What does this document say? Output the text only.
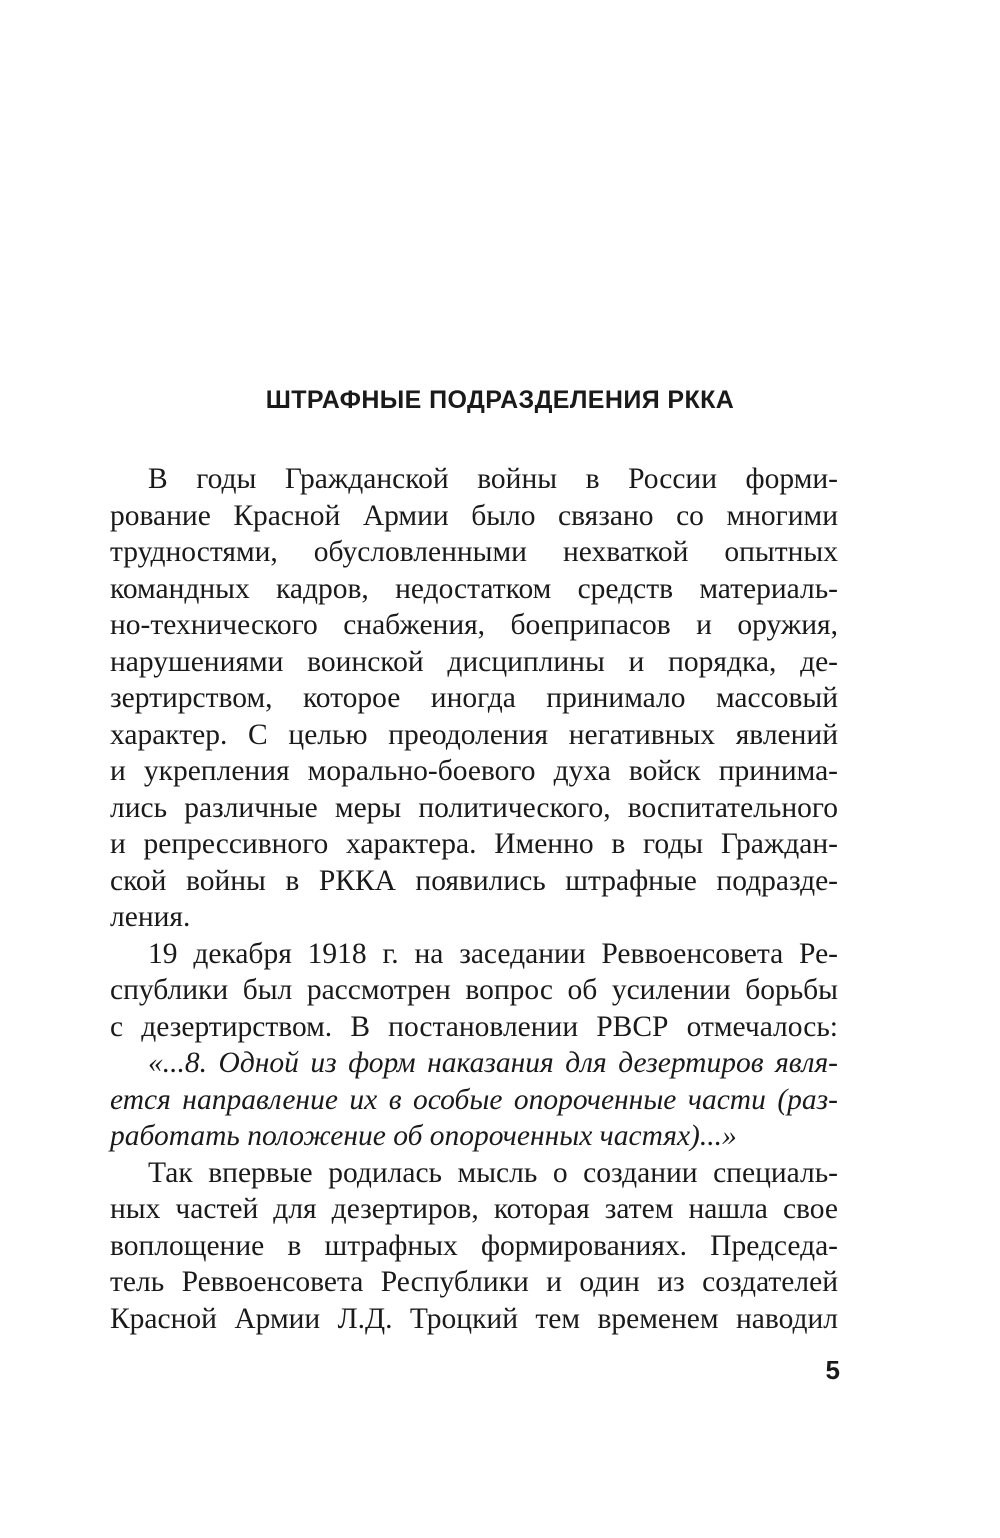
ШТРАФНЫЕ ПОДРАЗДЕЛЕНИЯ РККА
В годы Гражданской войны в России форми-
рование Красной Армии было связано со многими
трудностями, обусловленными нехваткой опытных
командных кадров, недостатком средств материаль-
но-технического снабжения, боеприпасов и оружия,
нарушениями воинской дисциплины и порядка, де-
зертирством, которое иногда принимало массовый
характер. С целью преодоления негативных явлений
и укрепления морально-боевого духа войск принима-
лись различные меры политического, воспитательного
и репрессивного характера. Именно в годы Граждан-
ской войны в РККА появились штрафные подразде-
ления.
19 декабря 1918 г. на заседании Реввоенсовета Ре-
спублики был рассмотрен вопрос об усилении борьбы
с дезертирством. В постановлении РВСР отмечалось:
«...8. Одной из форм наказания для дезертиров явля-
ется направление их в особые опороченные части (раз-
работать положение об опороченных частях)...»
Так впервые родилась мысль о создании специаль-
ных частей для дезертиров, которая затем нашла свое
воплощение в штрафных формированиях. Председа-
тель Реввоенсовета Республики и один из создателей
Красной Армии Л.Д. Троцкий тем временем наводил
5
